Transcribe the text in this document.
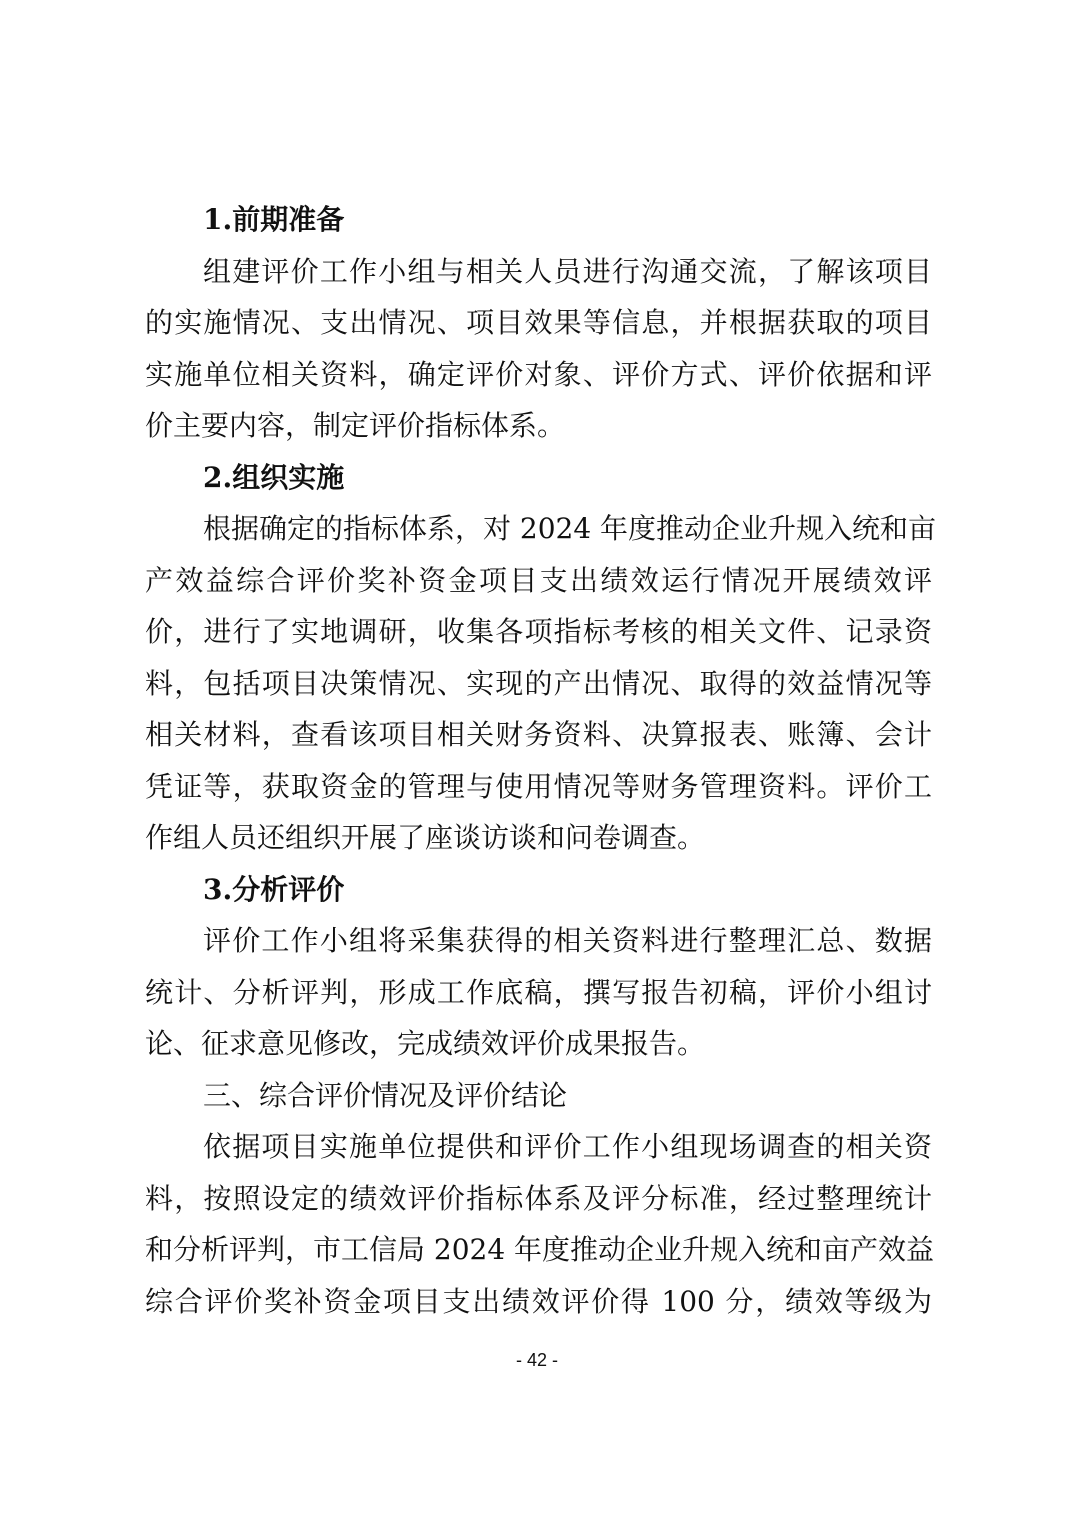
1.前期准备
组建评价工作小组与相关人员进行沟通交流，了解该项目
的实施情况、支出情况、项目效果等信息，并根据获取的项目
实施单位相关资料，确定评价对象、评价方式、评价依据和评
价主要内容，制定评价指标体系。
2.组织实施
根据确定的指标体系，对 2024 年度推动企业升规入统和亩
产效益综合评价奖补资金项目支出绩效运行情况开展绩效评
价，进行了实地调研，收集各项指标考核的相关文件、记录资
料，包括项目决策情况、实现的产出情况、取得的效益情况等
相关材料，查看该项目相关财务资料、决算报表、账簿、会计
凭证等，获取资金的管理与使用情况等财务管理资料。评价工
作组人员还组织开展了座谈访谈和问卷调查。
3.分析评价
评价工作小组将采集获得的相关资料进行整理汇总、数据
统计、分析评判，形成工作底稿，撰写报告初稿，评价小组讨
论、征求意见修改，完成绩效评价成果报告。
三、综合评价情况及评价结论
依据项目实施单位提供和评价工作小组现场调查的相关资
料，按照设定的绩效评价指标体系及评分标准，经过整理统计
和分析评判，市工信局 2024 年度推动企业升规入统和亩产效益
综合评价奖补资金项目支出绩效评价得 100 分，绩效等级为
- 42 -
